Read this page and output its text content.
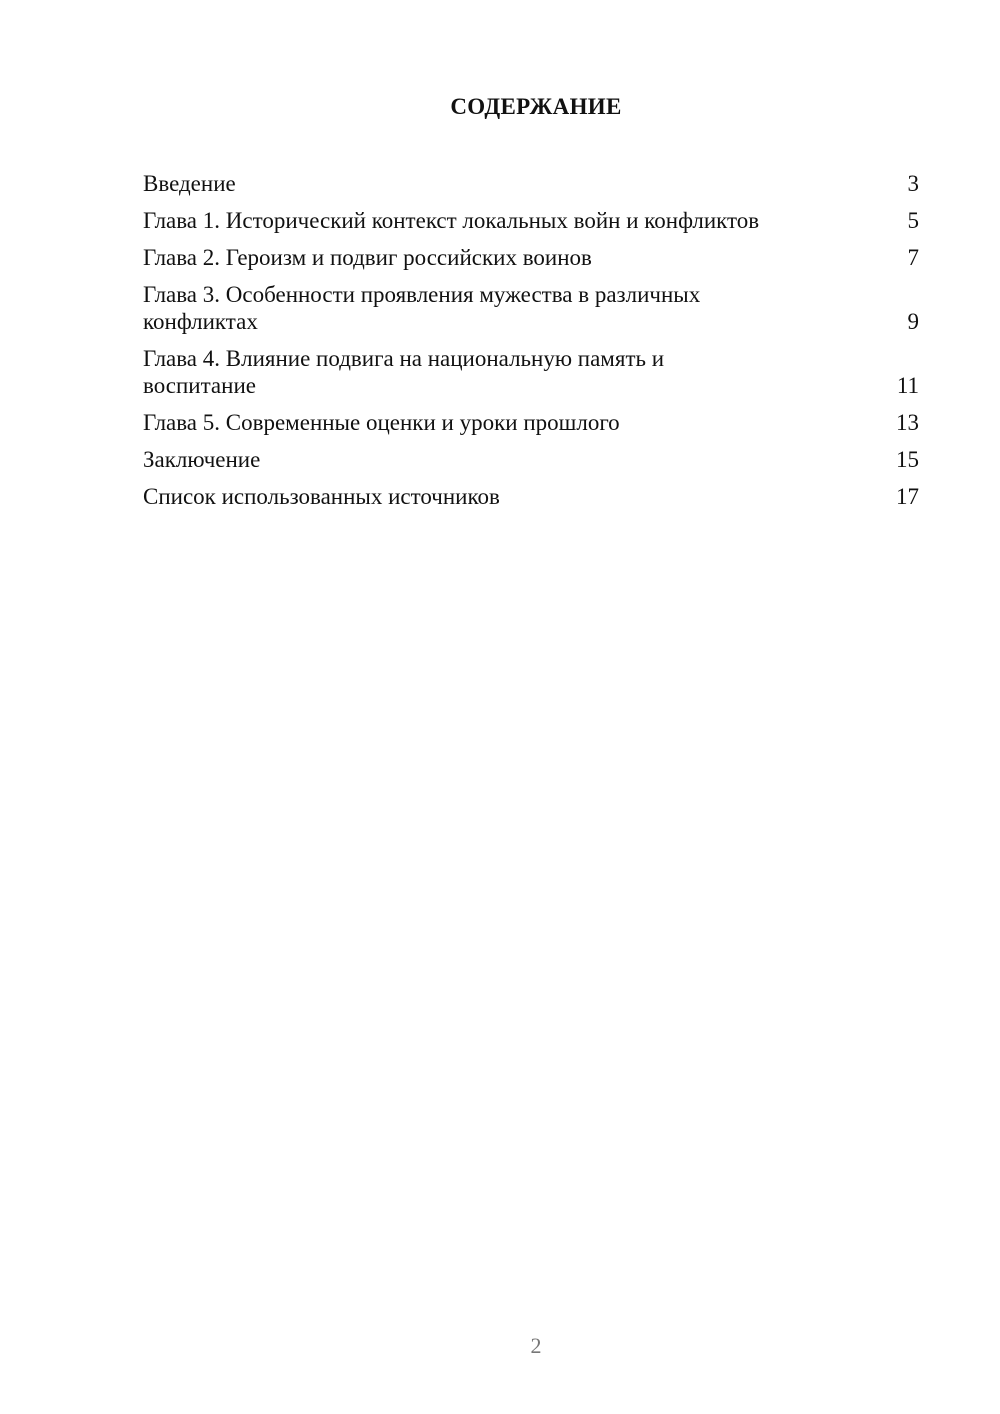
СОДЕРЖАНИЕ
Введение	3
Глава 1. Исторический контекст локальных войн и конфликтов	5
Глава 2. Героизм и подвиг российских воинов	7
Глава 3. Особенности проявления мужества в различных конфликтах	9
Глава 4. Влияние подвига на национальную память и воспитание	11
Глава 5. Современные оценки и уроки прошлого	13
Заключение	15
Список использованных источников	17
2
